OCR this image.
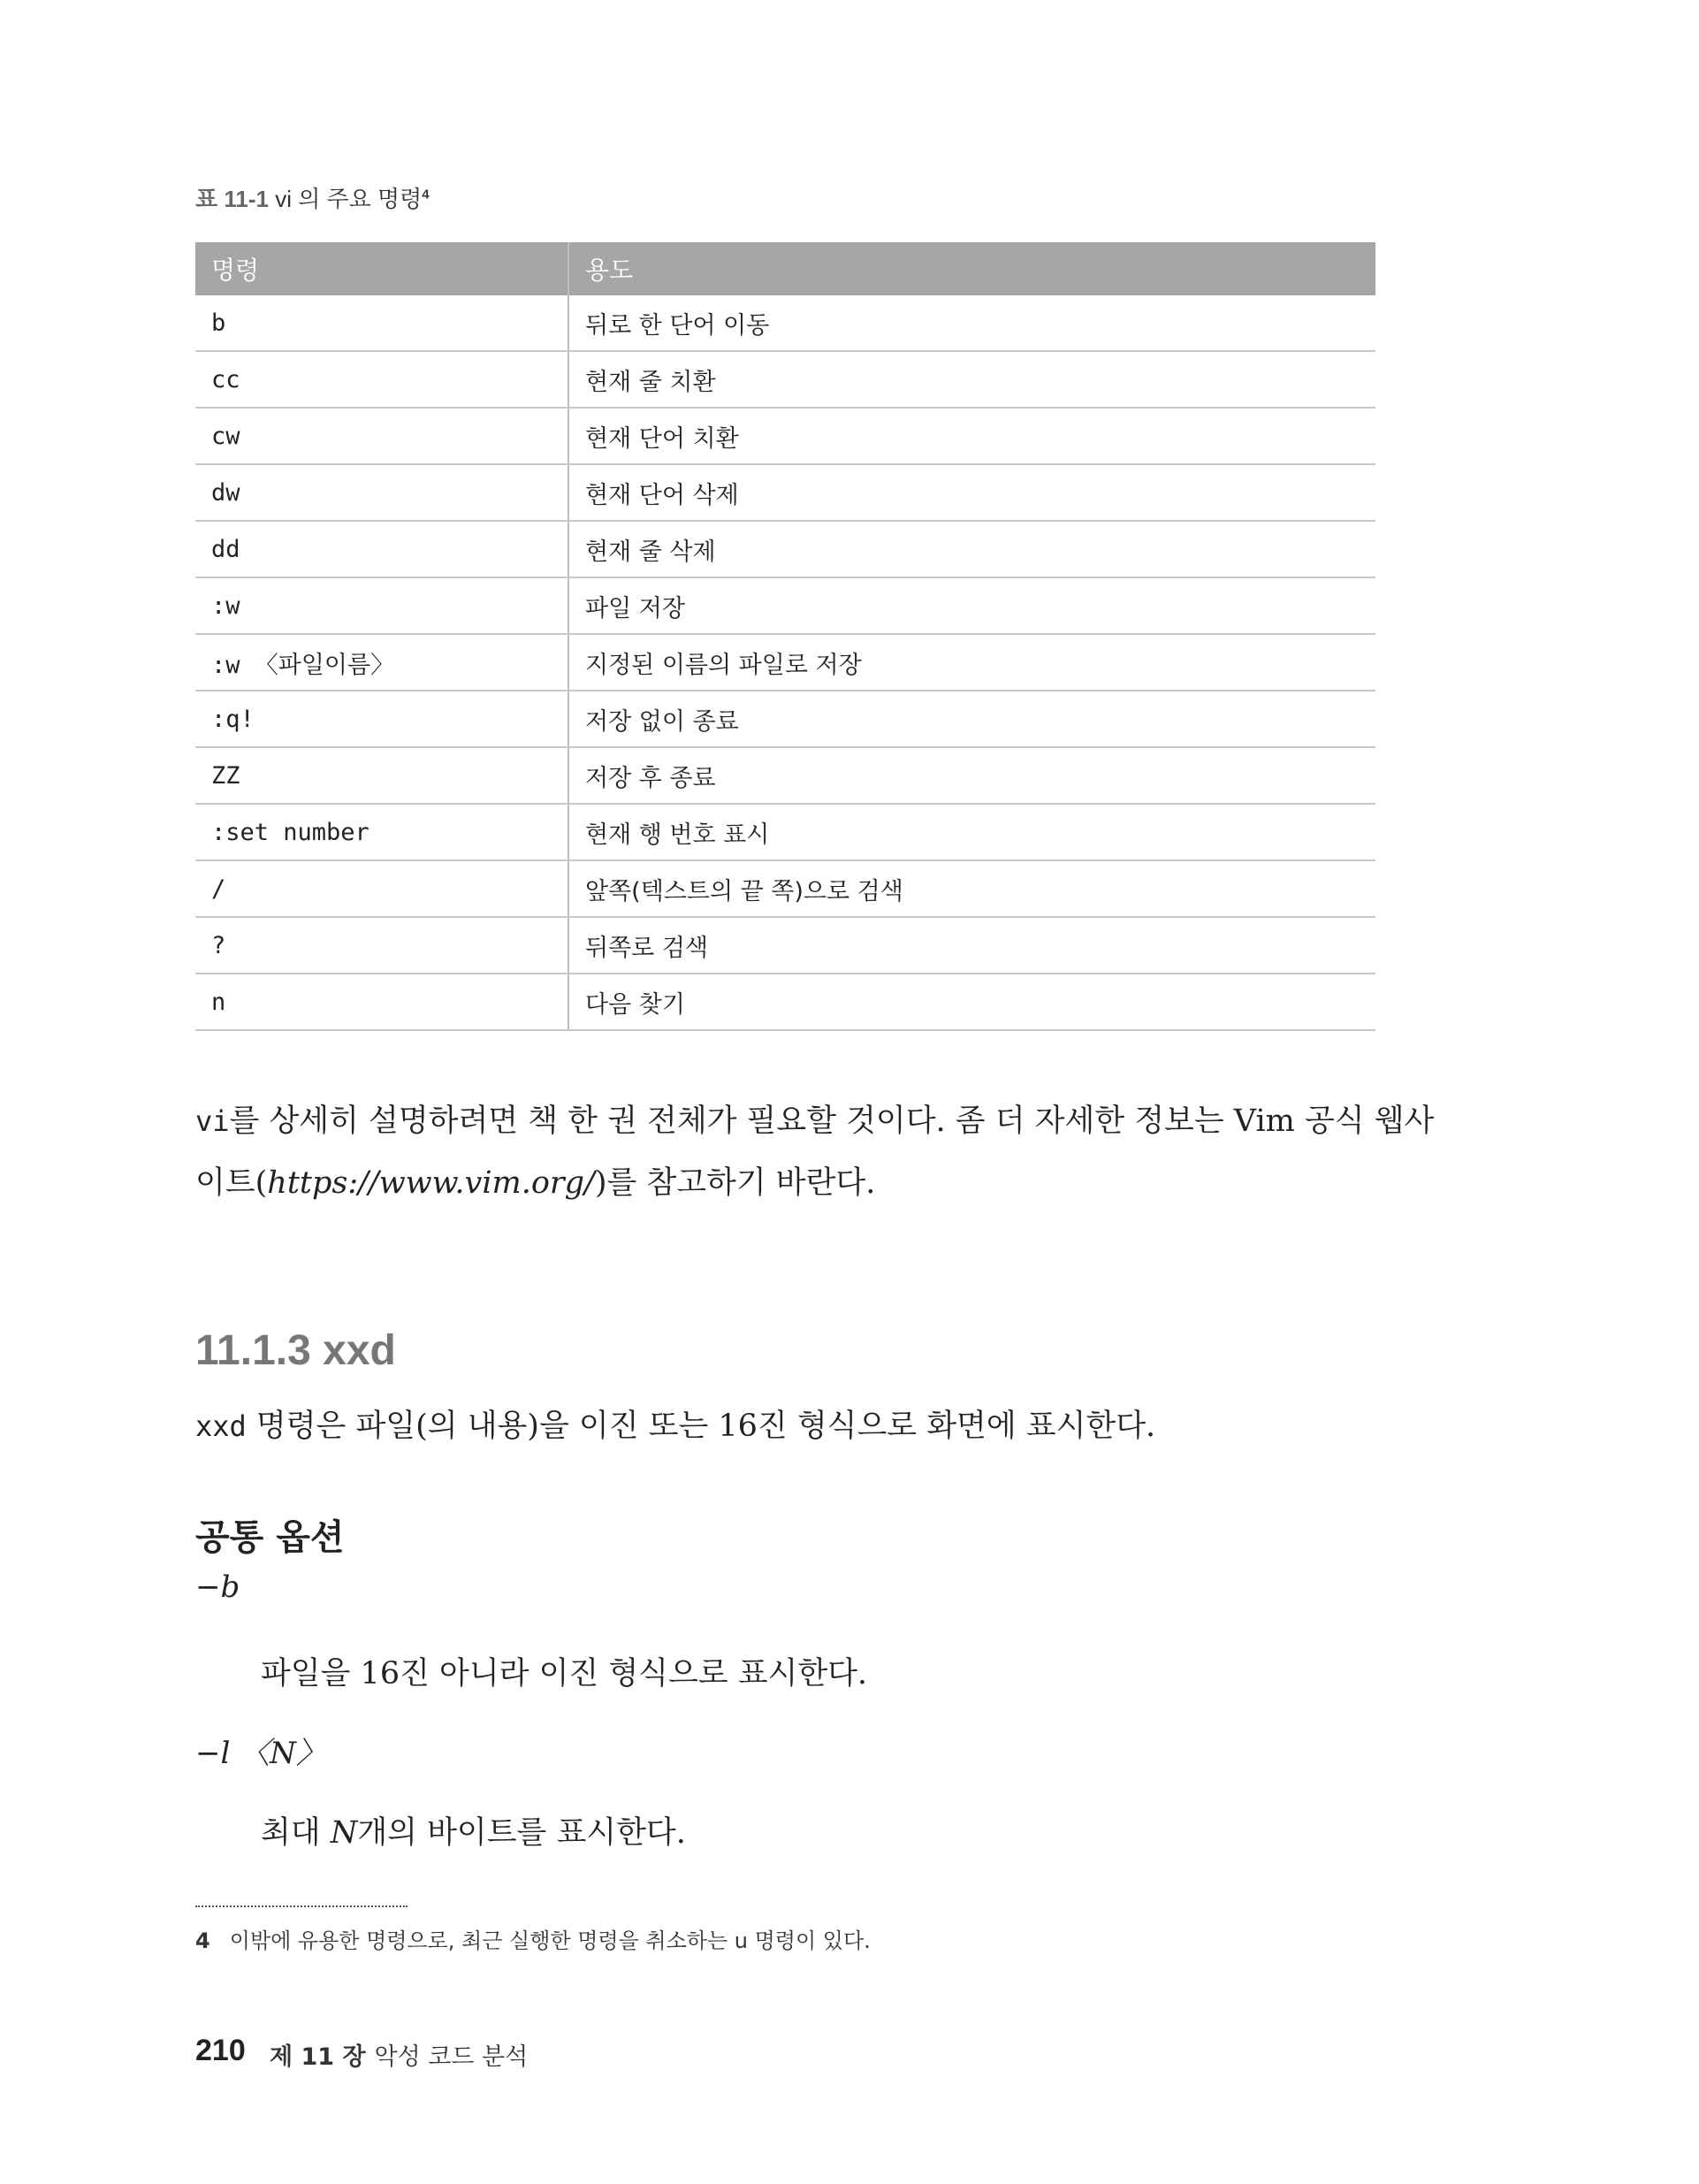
표 11-1 vi 의 주요 명령$^4$
명령	용도
b	뒤로 한 단어 이동
cc	현재 줄 치환
cw	현재 단어 치환
dw	현재 단어 삭제
dd	현재 줄 삭제
:w	파일 저장
:w 〈파일이름〉	지정된 이름의 파일로 저장
:q!	저장 없이 종료
ZZ	저장 후 종료
:set number	현재 행 번호 표시
/	앞쪽(텍스트의 끝 쪽)으로 검색
?	뒤쪽로 검색
n	다음 찾기
vi를 상세히 설명하려면 책 한 권 전체가 필요할 것이다. 좀 더 자세한 정보는 Vim 공식 웹사
이트(https://www.vim.org/)를 참고하기 바란다.
11.1.3 xxd
xxd 명령은 파일(의 내용)을 이진 또는 16진 형식으로 화면에 표시한다.
공통 옵션
−b
파일을 16진 아니라 이진 형식으로 표시한다.
−l 〈N〉
최대 N개의 바이트를 표시한다.
4 이밖에 유용한 명령으로, 최근 실행한 명령을 취소하는 u 명령이 있다.
210 제 11 장 악성 코드 분석
